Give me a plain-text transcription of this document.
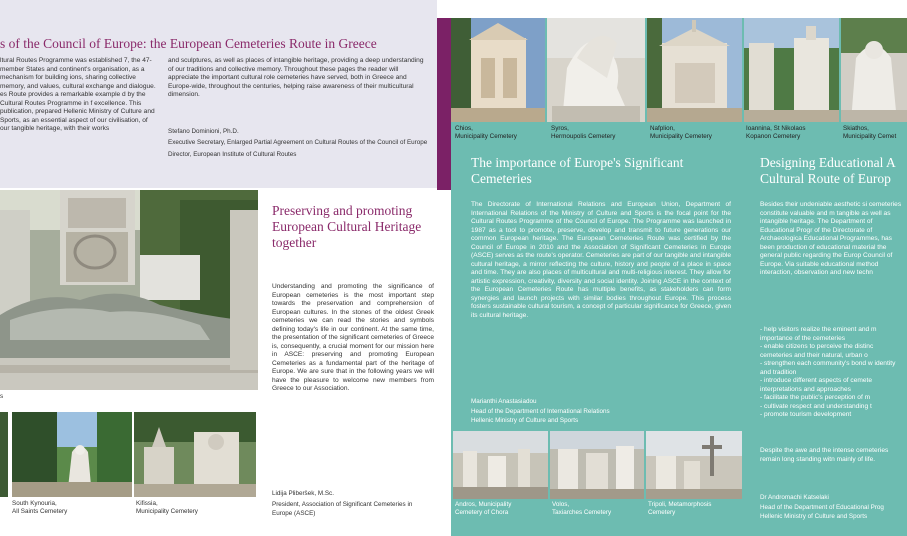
s of the Council of Europe: the European Cemeteries Route in Greece
ltural Routes Programme was established 7, the 47-member States and continent's organisation, as a mechanism for building ions, sharing collective memory, and values, cultural exchange and dialogue. es Route provides a remarkable example d by the Cultural Routes Programme in f excellence. This publication, prepared Hellenic Ministry of Culture and Sports, as an essential aspect of our civilisation, of our tangible heritage, with their works
and sculptures, as well as places of intangible heritage, providing a deep understanding of our traditions and collective memory. Throughout these pages the reader will appreciate the important cultural role cemeteries have served, both in Greece and Europe-wide, throughout the centuries, helping raise awareness of their multicultural dimension.
Stefano Dominioni, Ph.D.
Executive Secretary, Enlarged Partial Agreement on Cultural Routes of the Council of Europe
Director, European Institute of Cultural Routes
s
South Kynouria,
All Saints Cemetery
Kifissia,
Municipality Cemetery
Preserving and promoting European Cultural Heritage together
Understanding and promoting the significance of European cemeteries is the most important step towards the preservation and comprehension of European cultures. In the stones of the oldest Greek cemeteries we can read the stories and symbols defining today's life in our continent. At the same time, the presentation of the significant cemeteries of Greece is, consequently, a crucial moment for our mission here in ASCE: preserving and promoting European Cemeteries as a fundamental part of the heritage of Europe. We are sure that in the following years we will have the pleasure to welcome new members from Greece to our Association.
Lidija Pliberšek, M.Sc.
President, Association of Significant Cemeteries in Europe (ASCE)
Chios,
Municipality Cemetery
Syros,
Hermoupolis Cemetery
Nafplion,
Municipality Cemetery
Ioannina, St Nikolaos
Kopanon Cemetery
Skiathos,
Municipality Cemet
The importance of Europe's Significant Cemeteries
The Directorate of International Relations and European Union, Department of International Relations of the Ministry of Culture and Sports is the focal point for the Cultural Routes Programme of the Council of Europe. The Programme was launched in 1987 as a tool to promote, preserve, develop and transmit to future generations our common European heritage. The European Cemeteries Route was certified by the Council of Europe in 2010 and the Association of Significant Cemeteries in Europe (ASCE) serves as the route's operator. Cemeteries are part of our tangible and intangible cultural heritage, a mirror reflecting the culture, history and people of a place in space and time. They are also places of multicultural and multi-religious interest. They allow for artistic expression, creativity, diversity and social identity. Joining ASCE in the context of the European Cemeteries Route has multiple benefits, as stakeholders can form synergies and launch projects with similar bodies throughout Europe. This process fosters sustainable cultural tourism, a concept of particular significance for Greece, given its cultural heritage.
Marianthi Anastasiadou
Head of the Department of International Relations
Hellenic Ministry of Culture and Sports
Andros, Municipality
Cemetery of Chora
Volos,
Taxiarches Cemetery
Tripoli, Metamorphosis
Cemetery
Designing Educational A Cultural Route of Europ
Besides their undeniable aesthetic si cemeteries constitute valuable and m tangible as well as intangible heritage. The Department of Educational Progr of the Directorate of Archaeologica Educational Programmes, has been production of educational material the general public regarding the Europ Council of Europe. Via suitable educational method interaction, observation and new techn
- help visitors realize the eminent and m importance of the cemeteries
- enable citizens to perceive the distinc cemeteries and their natural, urban o
- strengthen each community's bond w identity and tradition
- introduce different aspects of cemete interpretations and approaches
- facilitate the public's perception of m
- cultivate respect and understanding t
- promote tourism development
Despite the awe and the intense cemeteries remain long standing witn mainly of life.
Dr Andromachi Katselaki
Head of the Department of Educational Prog
Hellenic Ministry of Culture and Sports
